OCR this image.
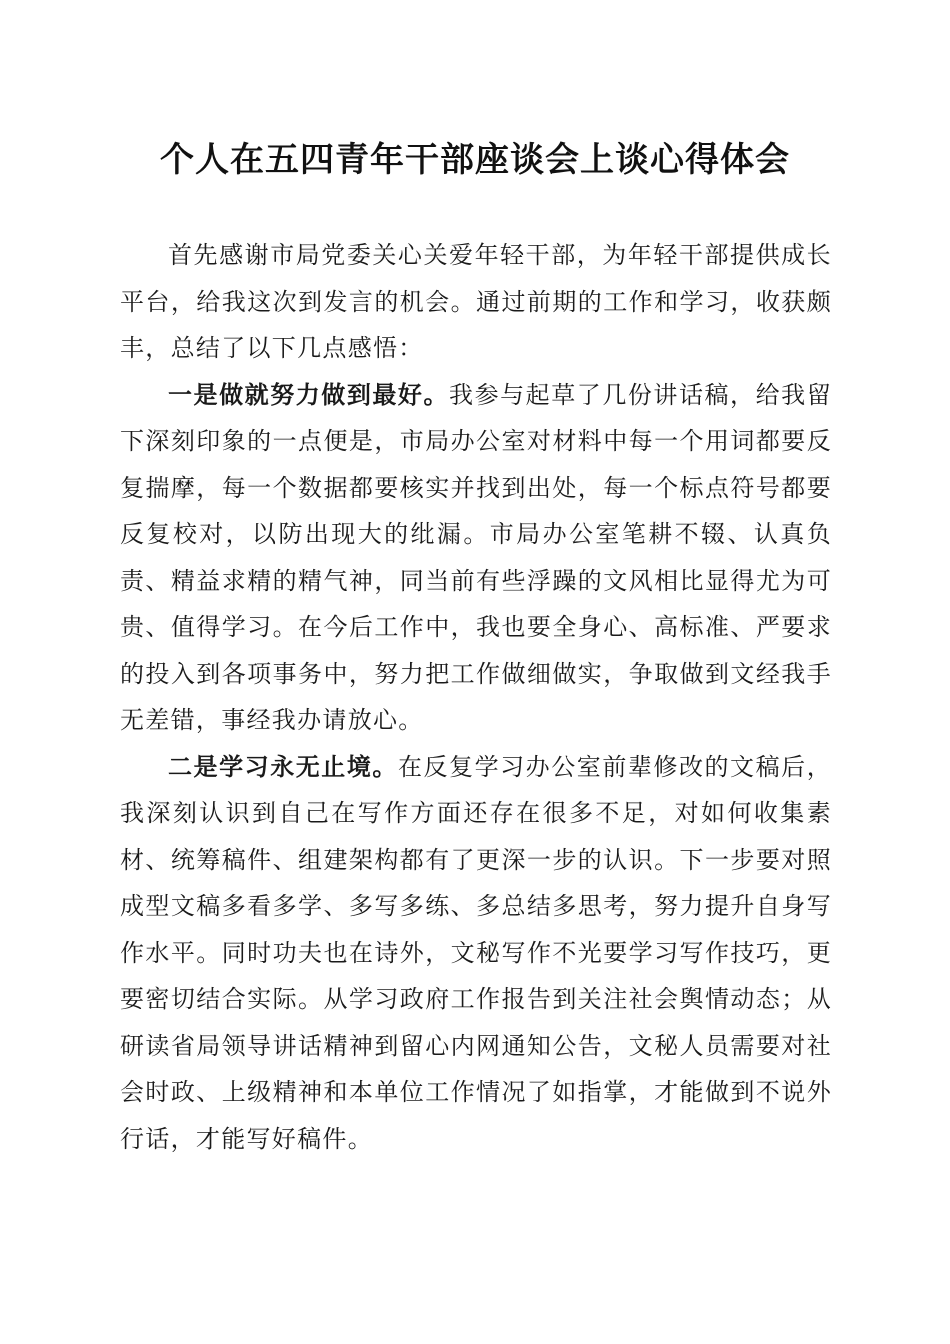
个人在五四青年干部座谈会上谈心得体会

首先感谢市局党委关心关爱年轻干部，为年轻干部提供成长平台，给我这次到发言的机会。通过前期的工作和学习，收获颇丰，总结了以下几点感悟：

一是做就努力做到最好。我参与起草了几份讲话稿，给我留下深刻印象的一点便是，市局办公室对材料中每一个用词都要反复揣摩，每一个数据都要核实并找到出处，每一个标点符号都要反复校对，以防出现大的纰漏。市局办公室笔耕不辍、认真负责、精益求精的精气神，同当前有些浮躁的文风相比显得尤为可贵、值得学习。在今后工作中，我也要全身心、高标准、严要求的投入到各项事务中，努力把工作做细做实，争取做到文经我手无差错，事经我办请放心。

二是学习永无止境。在反复学习办公室前辈修改的文稿后，我深刻认识到自己在写作方面还存在很多不足，对如何收集素材、统筹稿件、组建架构都有了更深一步的认识。下一步要对照成型文稿多看多学、多写多练、多总结多思考，努力提升自身写作水平。同时功夫也在诗外，文秘写作不光要学习写作技巧，更要密切结合实际。从学习政府工作报告到关注社会舆情动态；从研读省局领导讲话精神到留心内网通知公告，文秘人员需要对社会时政、上级精神和本单位工作情况了如指掌，才能做到不说外行话，才能写好稿件。
